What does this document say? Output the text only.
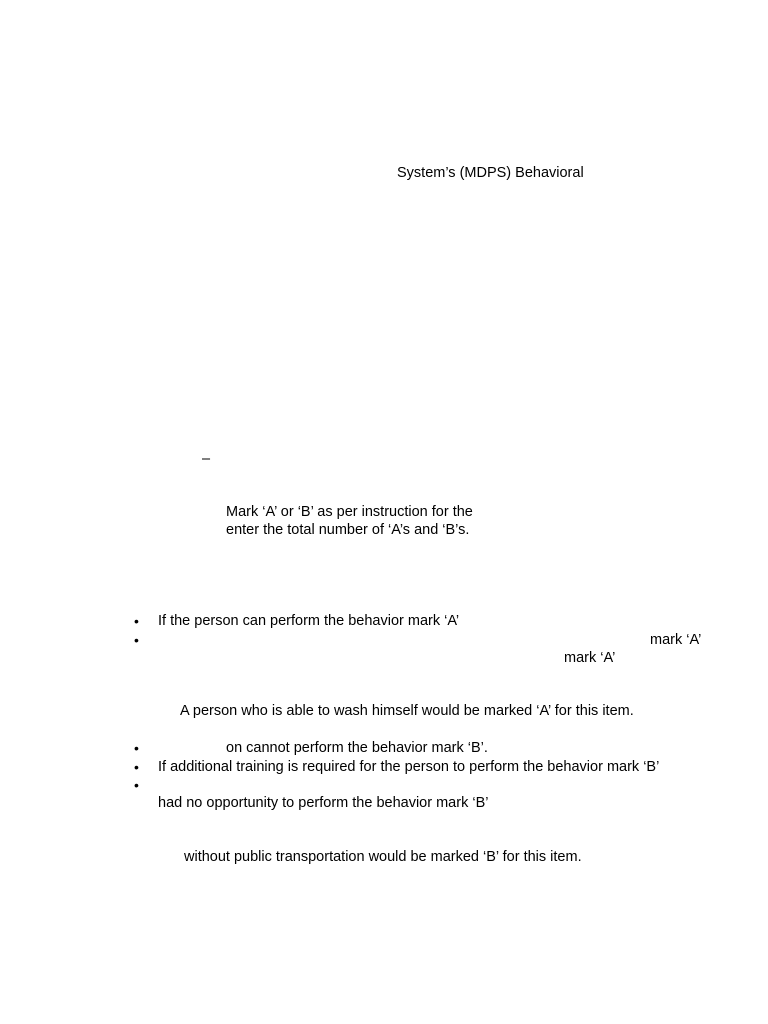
System’s (MDPS) Behavioral
–
Mark ‘A’ or ‘B’ as per instruction for the
enter the total number of ‘A’s and ‘B’s.
• If the person can perform the behavior mark ‘A’
•	mark ‘A’
mark ‘A’
A person who is able to wash himself would be marked ‘A’ for this item.
•	on cannot perform the behavior mark ‘B’.
• If additional training is required for the person to perform the behavior mark ‘B’
•
had no opportunity to perform the behavior mark ‘B’
without public transportation would be marked ‘B’ for this item.
